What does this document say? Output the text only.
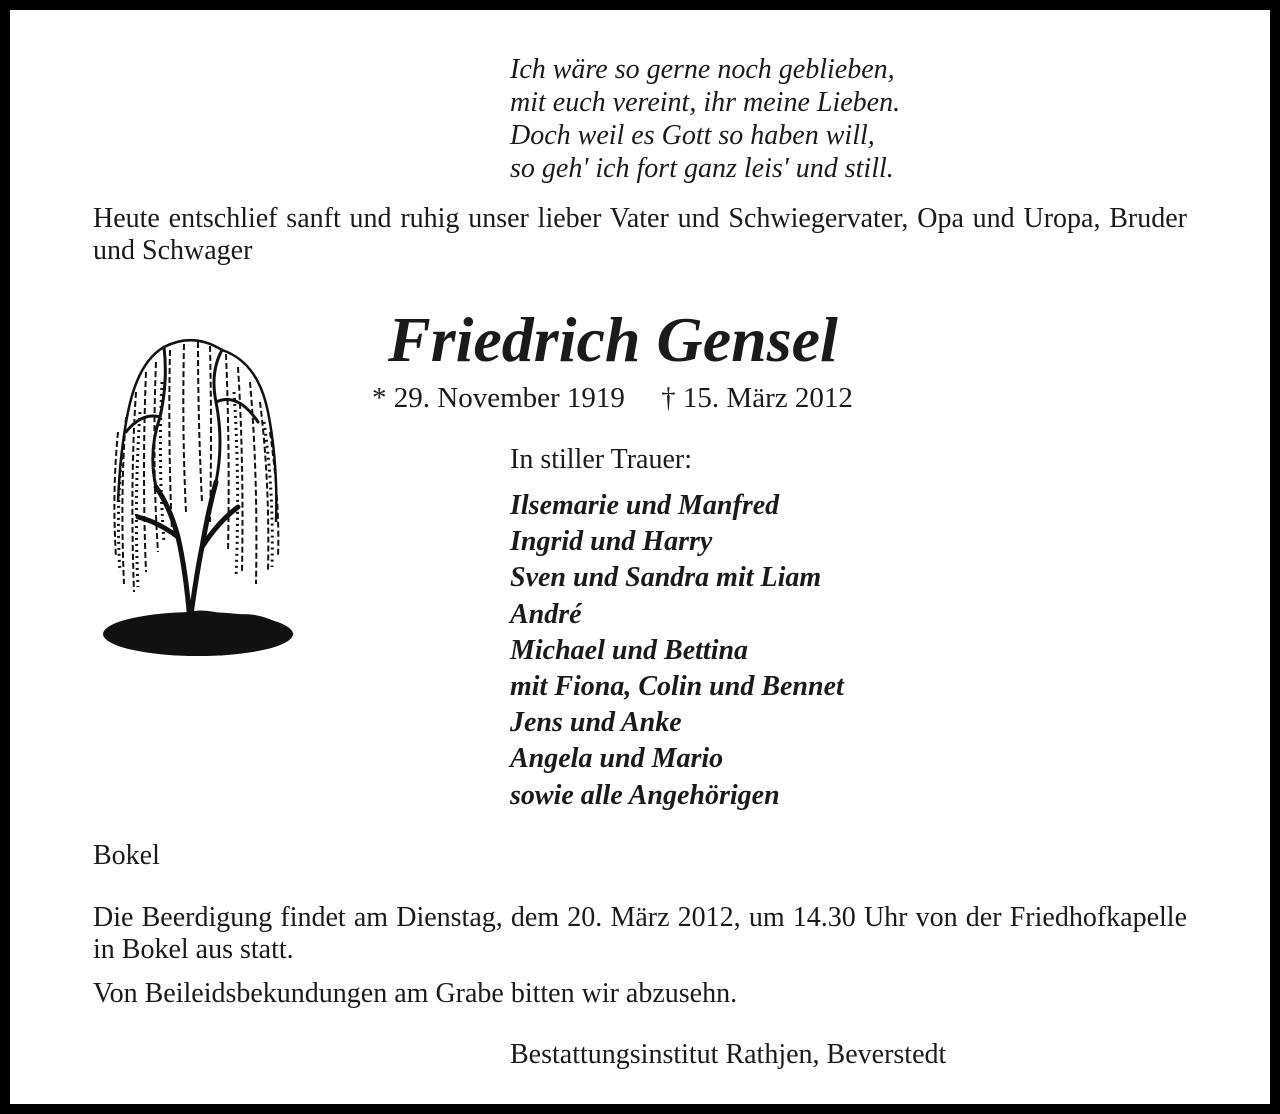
Ich wäre so gerne noch geblieben,
mit euch vereint, ihr meine Lieben.
Doch weil es Gott so haben will,
so geh' ich fort ganz leis' und still.
Heute entschlief sanft und ruhig unser lieber Vater und Schwiegervater, Opa und Uropa, Bruder und Schwager
Friedrich Gensel
* 29. November 1919 † 15. März 2012
In stiller Trauer:
Ilsemarie und Manfred
Ingrid und Harry
Sven und Sandra mit Liam
André
Michael und Bettina
mit Fiona, Colin und Bennet
Jens und Anke
Angela und Mario
sowie alle Angehörigen
Bokel
Die Beerdigung findet am Dienstag, dem 20. März 2012, um 14.30 Uhr von der Friedhofkapelle in Bokel aus statt.
Von Beileidsbekundungen am Grabe bitten wir abzusehn.
Bestattungsinstitut Rathjen, Beverstedt
